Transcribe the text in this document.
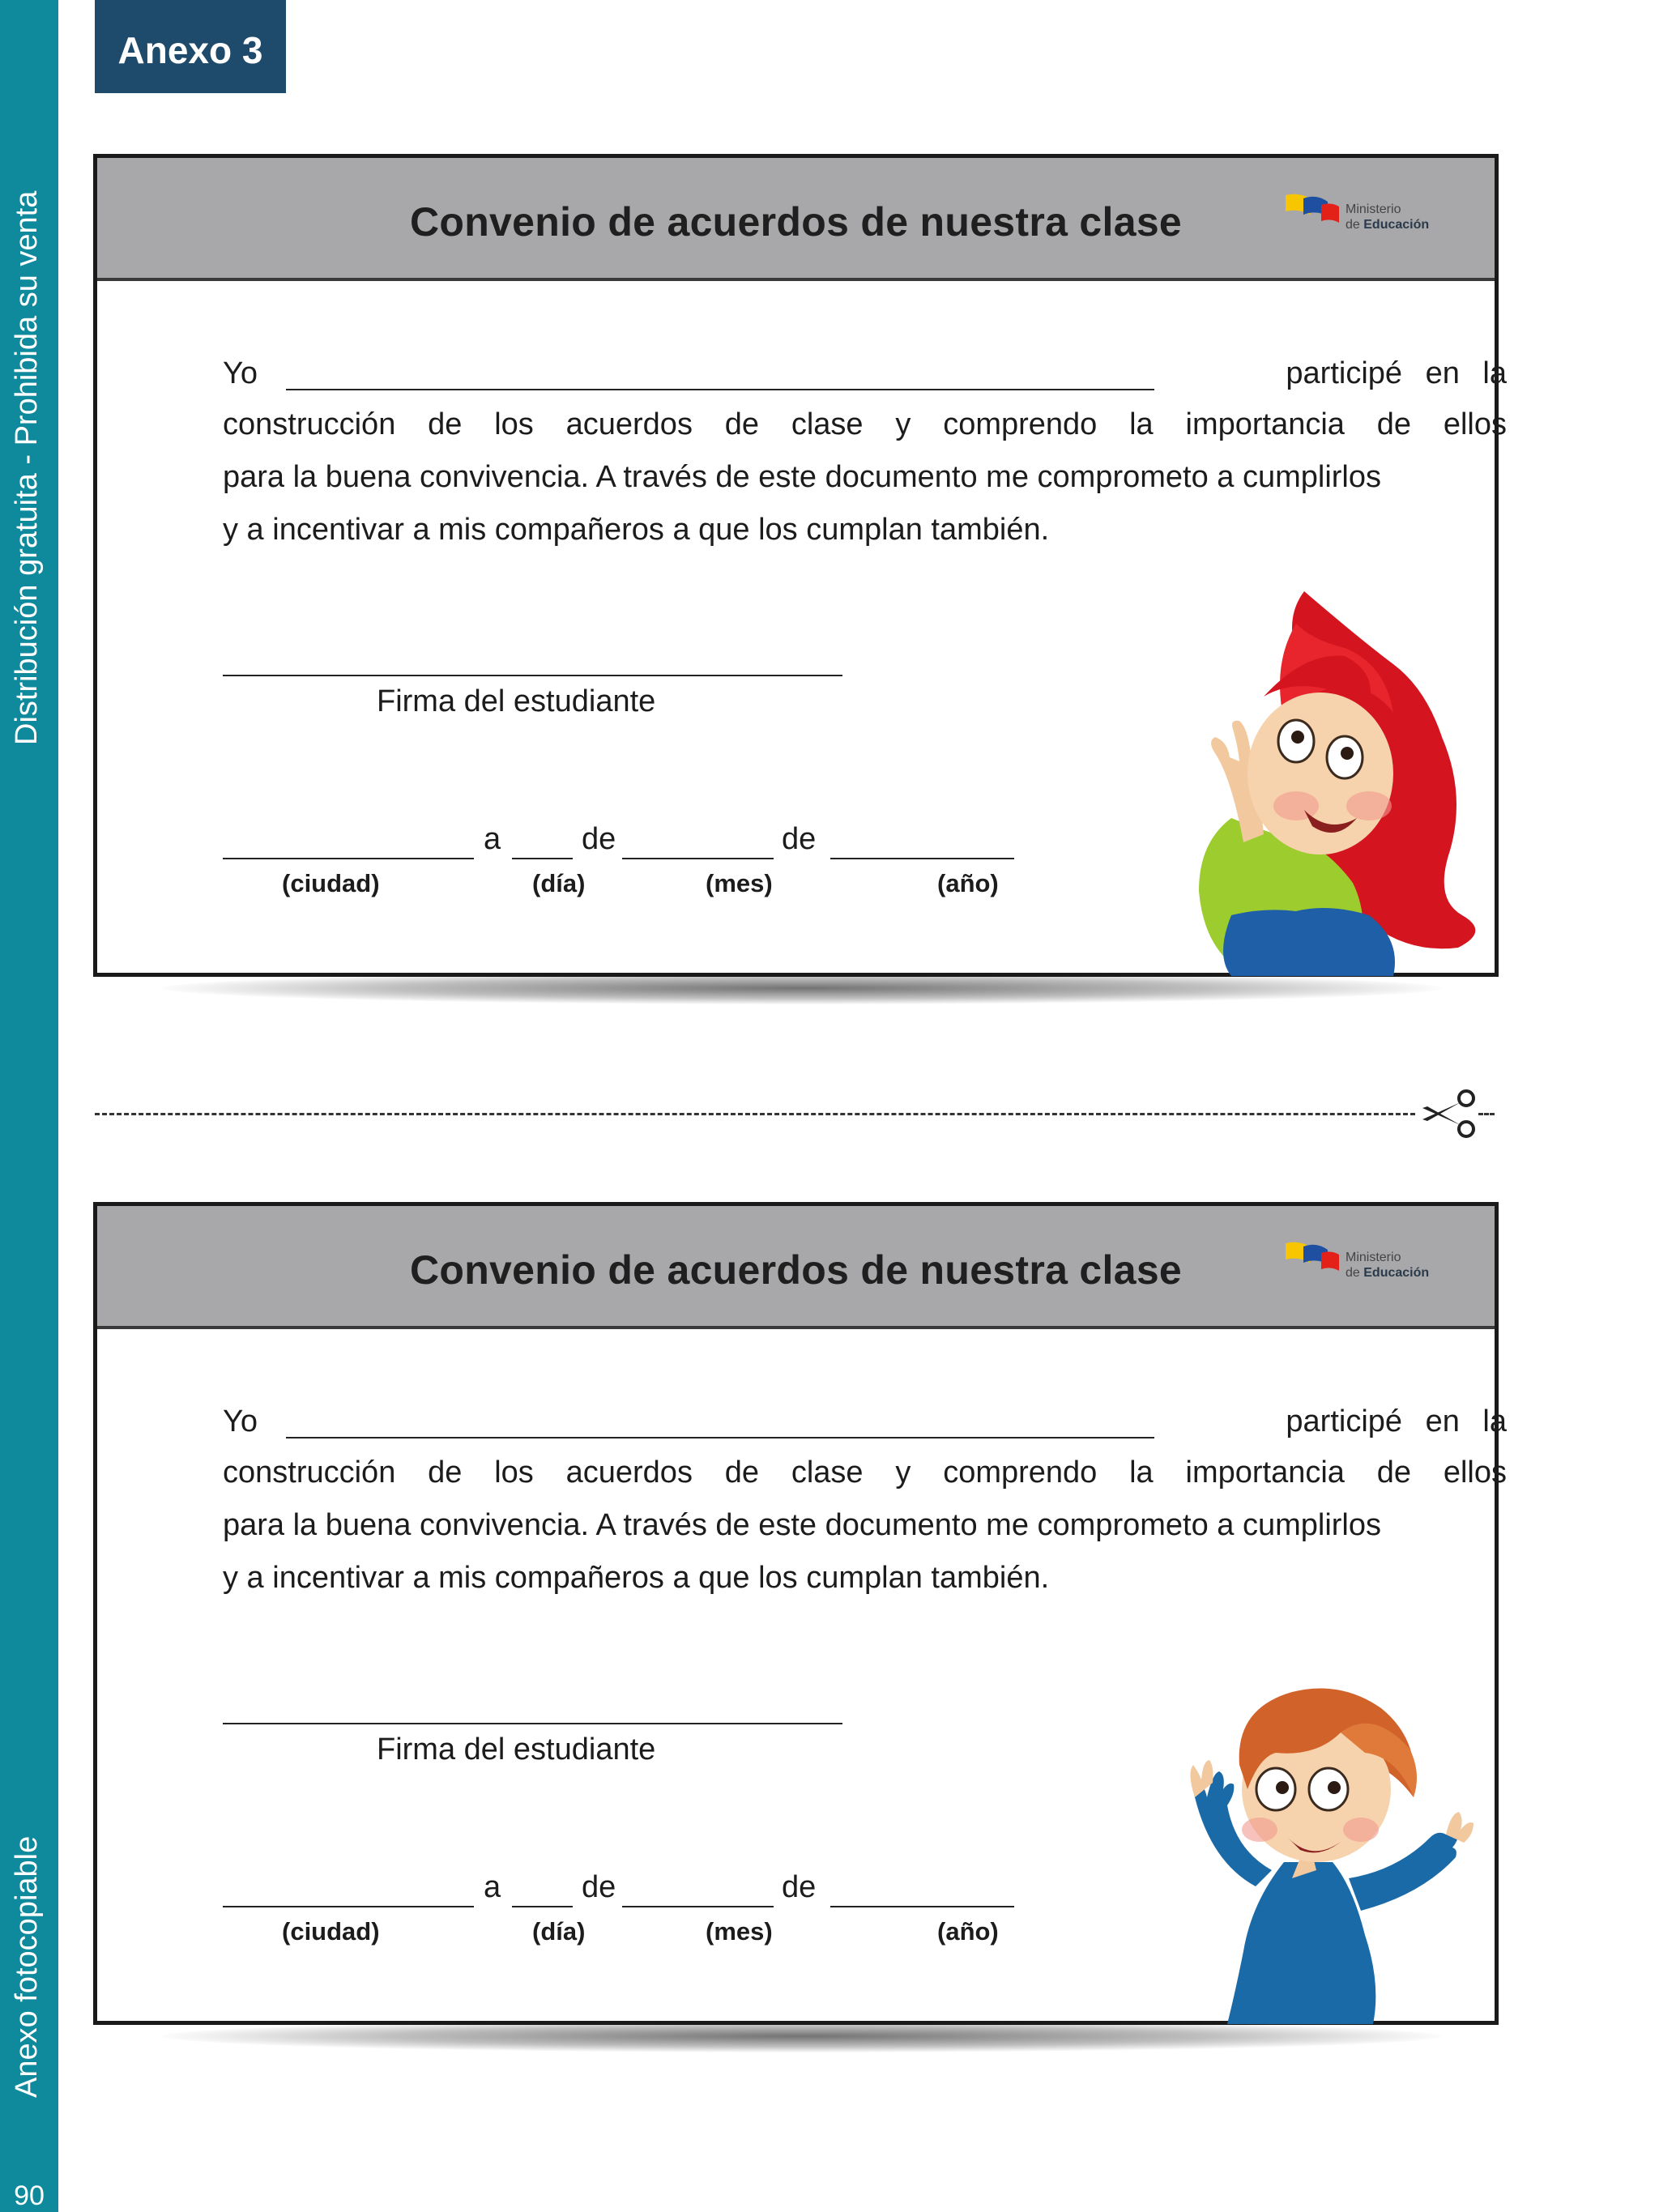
Distribución gratuita - Prohibida su venta
Anexo fotocopiable
90
Anexo 3
Convenio de acuerdos de nuestra clase	Ministerio
de Educación
Yo	participé en la
construcción de los acuerdos de clase y comprendo la importancia de ellos
para la buena convivencia. A través de este documento me comprometo a cumplirlos
y a incentivar a mis compañeros a que los cumplan también.
Firma del estudiante
a	de	de
(ciudad)	(día)	(mes)	(año)
Convenio de acuerdos de nuestra clase	Ministerio
de Educación
Yo	participé en la
construcción de los acuerdos de clase y comprendo la importancia de ellos
para la buena convivencia. A través de este documento me comprometo a cumplirlos
y a incentivar a mis compañeros a que los cumplan también.
Firma del estudiante
a	de	de
(ciudad)	(día)	(mes)	(año)
